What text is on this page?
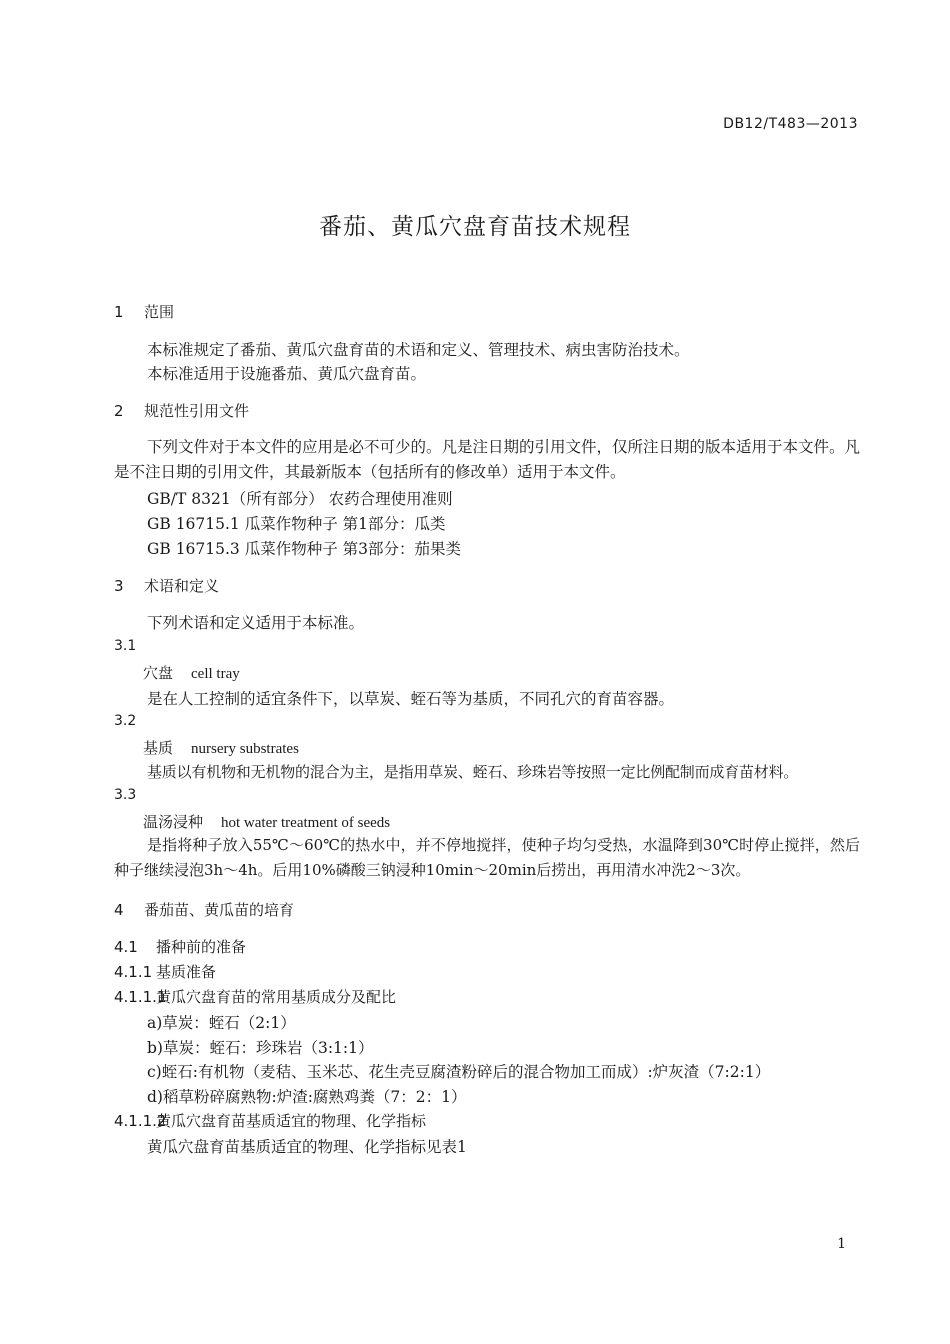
DB12/T483—2013
番茄、黄瓜穴盘育苗技术规程
1 范围
本标准规定了番茄、黄瓜穴盘育苗的术语和定义、管理技术、病虫害防治技术。
本标准适用于设施番茄、黄瓜穴盘育苗。
2 规范性引用文件
下列文件对于本文件的应用是必不可少的。凡是注日期的引用文件，仅所注日期的版本适用于本文件。凡是不注日期的引用文件，其最新版本（包括所有的修改单）适用于本文件。
GB/T 8321（所有部分） 农药合理使用准则
GB 16715.1 瓜菜作物种子 第1部分：瓜类
GB 16715.3 瓜菜作物种子 第3部分：茄果类
3 术语和定义
下列术语和定义适用于本标准。
3.1
穴盘 cell tray
是在人工控制的适宜条件下，以草炭、蛭石等为基质，不同孔穴的育苗容器。
3.2
基质 nursery substrates
基质以有机物和无机物的混合为主，是指用草炭、蛭石、珍珠岩等按照一定比例配制而成育苗材料。
3.3
温汤浸种 hot water treatment of seeds
是指将种子放入55℃～60℃的热水中，并不停地搅拌，使种子均匀受热，水温降到30℃时停止搅拌，然后种子继续浸泡3h～4h。后用10%磷酸三钠浸种10min～20min后捞出，再用清水冲洗2～3次。
4 番茄苗、黄瓜苗的培育
4.1 播种前的准备
4.1.1 基质准备
4.1.1.1黄瓜穴盘育苗的常用基质成分及配比
a)草炭：蛭石（2:1）
b)草炭：蛭石：珍珠岩（3:1:1）
c)蛭石:有机物（麦秸、玉米芯、花生壳豆腐渣粉碎后的混合物加工而成）:炉灰渣（7:2:1）
d)稻草粉碎腐熟物:炉渣:腐熟鸡粪（7：2：1）
4.1.1.2黄瓜穴盘育苗基质适宜的物理、化学指标
黄瓜穴盘育苗基质适宜的物理、化学指标见表1
1
